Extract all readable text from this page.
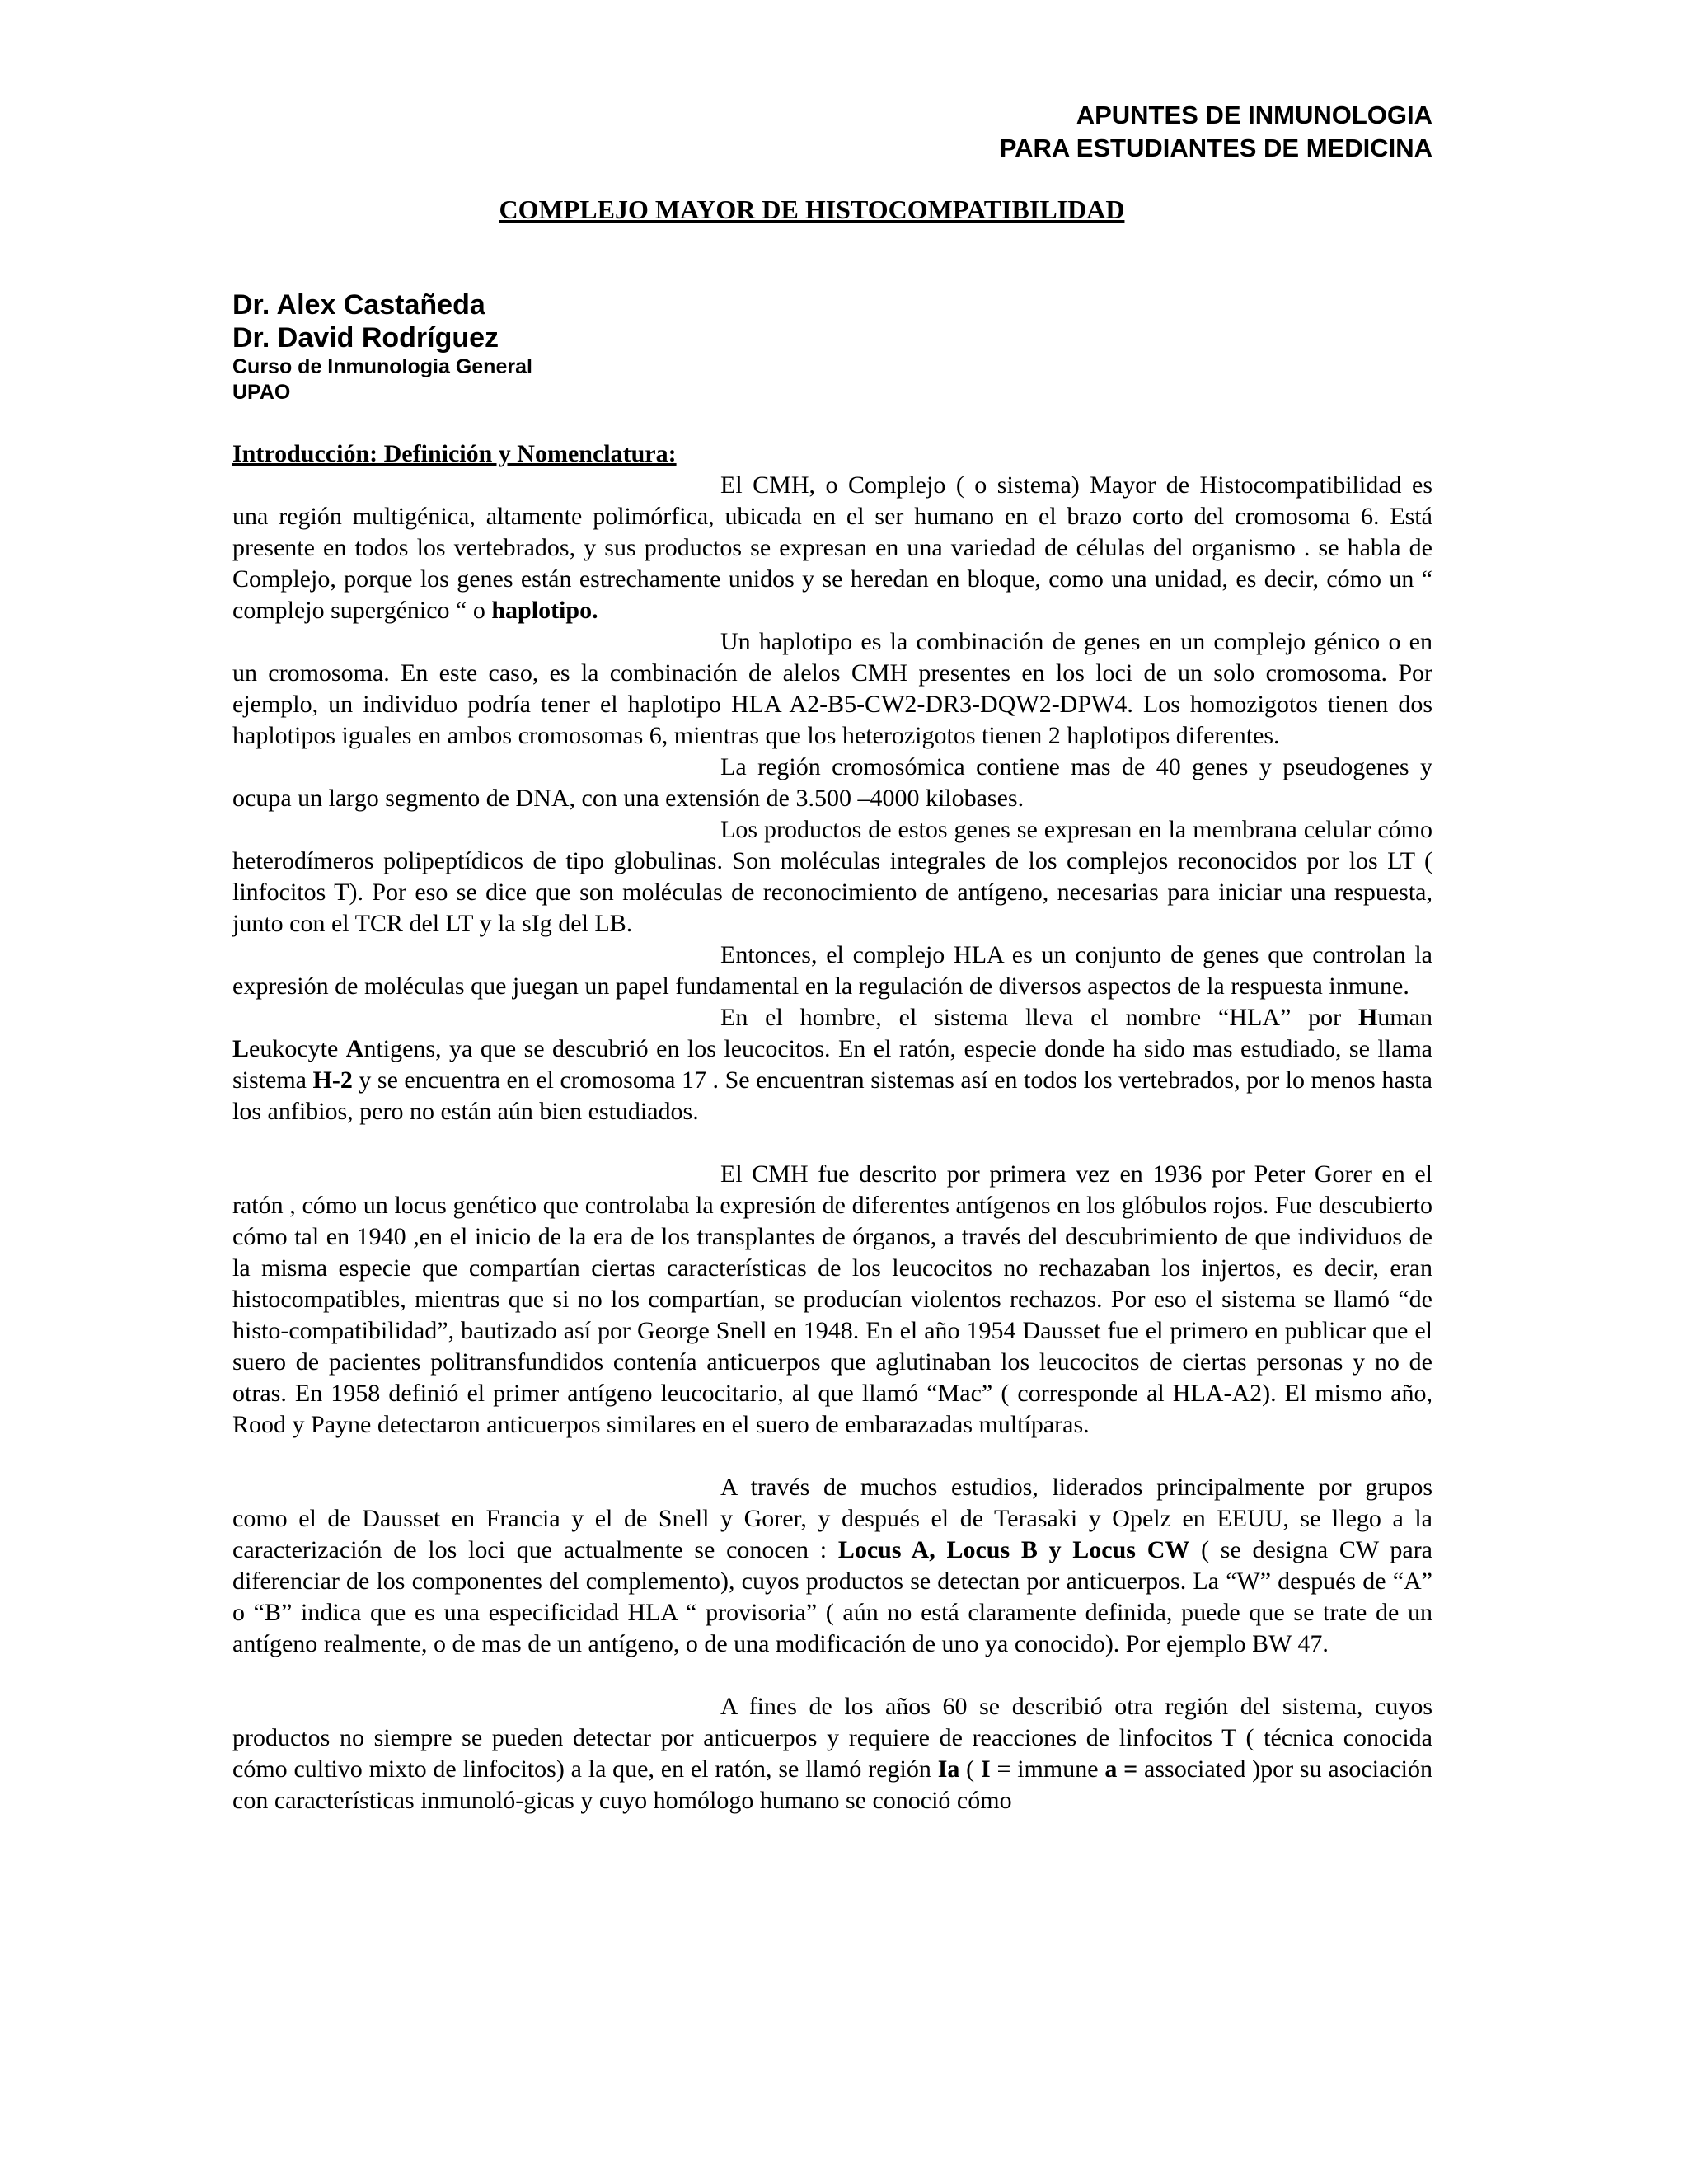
APUNTES DE INMUNOLOGIA
PARA ESTUDIANTES DE MEDICINA
COMPLEJO MAYOR DE HISTOCOMPATIBILIDAD
Dr. Alex Castañeda
Dr. David Rodríguez
Curso de Inmunologia General
UPAO
Introducción: Definición y Nomenclatura:

El CMH, o Complejo ( o sistema) Mayor de Histocompatibilidad es una región multigénica, altamente polimórfica, ubicada en el ser humano en el brazo corto del cromosoma 6. Está presente en todos los vertebrados, y sus productos se expresan en una variedad de células del organismo . se habla de Complejo, porque los genes están estrechamente unidos y se heredan en bloque, como una unidad, es decir, cómo un “ complejo supergénico “ o haplotipo.

Un haplotipo es la combinación de genes en un complejo génico o en un cromosoma. En este caso, es la combinación de alelos CMH presentes en los loci de un solo cromosoma. Por ejemplo, un individuo podría tener el haplotipo HLA A2-B5-CW2-DR3-DQW2-DPW4. Los homozigotos tienen dos haplotipos iguales en ambos cromosomas 6, mientras que los heterozigotos tienen 2 haplotipos diferentes.

La región cromosómica contiene mas de 40 genes y pseudogenes y ocupa un largo segmento de DNA, con una extensión de 3.500 –4000 kilobases.

Los productos de estos genes se expresan en la membrana celular cómo heterodímeros polipeptídicos de tipo globulinas. Son moléculas integrales de los complejos reconocidos por los LT ( linfocitos T). Por eso se dice que son moléculas de reconocimiento de antígeno, necesarias para iniciar una respuesta, junto con el TCR del LT y la sIg del LB.

Entonces, el complejo HLA es un conjunto de genes que controlan la expresión de moléculas que juegan un papel fundamental en la regulación de diversos aspectos de la respuesta inmune.

En el hombre, el sistema lleva el nombre “HLA” por Human Leukocyte Antigens, ya que se descubrió en los leucocitos. En el ratón, especie donde ha sido mas estudiado, se llama sistema H-2 y se encuentra en el cromosoma 17 . Se encuentran sistemas así en todos los vertebrados, por lo menos hasta los anfibios, pero no están aún bien estudiados.

El CMH fue descrito por primera vez en 1936 por Peter Gorer en el ratón , cómo un locus genético que controlaba la expresión de diferentes antígenos en los glóbulos rojos. Fue descubierto cómo tal en 1940 ,en el inicio de la era de los transplantes de órganos, a través del descubrimiento de que individuos de la misma especie que compartían ciertas características de los leucocitos no rechazaban los injertos, es decir, eran histocompatibles, mientras que si no los compartían, se producían violentos rechazos. Por eso el sistema se llamó “de histo-compatibilidad”, bautizado así por George Snell en 1948. En el año 1954 Dausset fue el primero en publicar que el suero de pacientes politransfundidos contenía anticuerpos que aglutinaban los leucocitos de ciertas personas y no de otras. En 1958 definió el primer antígeno leucocitario, al que llamó “Mac” ( corresponde al HLA-A2). El mismo año, Rood y Payne detectaron anticuerpos similares en el suero de embarazadas multíparas.

A través de muchos estudios, liderados principalmente por grupos como el de Dausset en Francia y el de Snell y Gorer, y después el de Terasaki y Opelz en EEUU, se llego a la caracterización de los loci que actualmente se conocen : Locus A, Locus B y Locus CW ( se designa CW para diferenciar de los componentes del complemento), cuyos productos se detectan por anticuerpos. La “W” después de “A” o “B” indica que es una especificidad HLA “ provisoria” ( aún no está claramente definida, puede que se trate de un antígeno realmente, o de mas de un antígeno, o de una modificación de uno ya conocido). Por ejemplo BW 47.

A fines de los años 60 se describió otra región del sistema, cuyos productos no siempre se pueden detectar por anticuerpos y requiere de reacciones de linfocitos T ( técnica conocida cómo cultivo mixto de linfocitos) a la que, en el ratón, se llamó región Ia ( I = immune a = associated )por su asociación con características inmunoló-gicas y cuyo homólogo humano se conoció cómo
